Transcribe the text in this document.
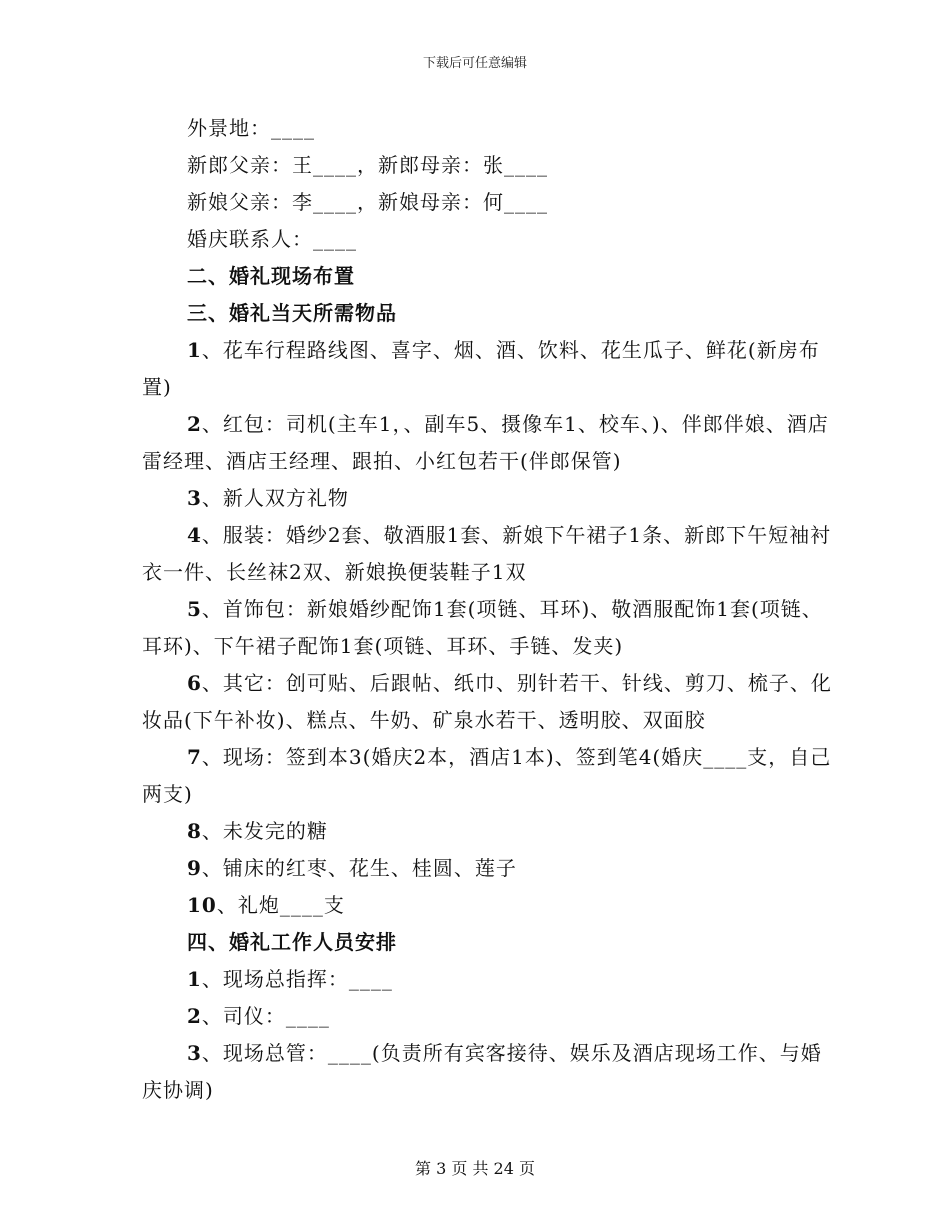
下载后可任意编辑

外景地：____

新郎父亲：王____，新郎母亲：张____

新娘父亲：李____，新娘母亲：何____

婚庆联系人：____

二、婚礼现场布置

三、婚礼当天所需物品

1、花车行程路线图、喜字、烟、酒、饮料、花生瓜子、鲜花(新房布置)

2、红包：司机(主车1，、副车5、摄像车1、校车、)、伴郎伴娘、酒店雷经理、酒店王经理、跟拍、小红包若干(伴郎保管)

3、新人双方礼物

4、服装：婚纱2套、敬酒服1套、新娘下午裙子1条、新郎下午短袖衬衣一件、长丝袜2双、新娘换便装鞋子1双

5、首饰包：新娘婚纱配饰1套(项链、耳环)、敬酒服配饰1套(项链、耳环)、下午裙子配饰1套(项链、耳环、手链、发夹)

6、其它：创可贴、后跟帖、纸巾、别针若干、针线、剪刀、梳子、化妆品(下午补妆)、糕点、牛奶、矿泉水若干、透明胶、双面胶

7、现场：签到本3(婚庆2本，酒店1本)、签到笔4(婚庆____支，自己两支)

8、未发完的糖

9、铺床的红枣、花生、桂圆、莲子

10、礼炮____支

四、婚礼工作人员安排

1、现场总指挥：____

2、司仪：____

3、现场总管：____(负责所有宾客接待、娱乐及酒店现场工作、与婚庆协调)

第 3 页 共 24 页
